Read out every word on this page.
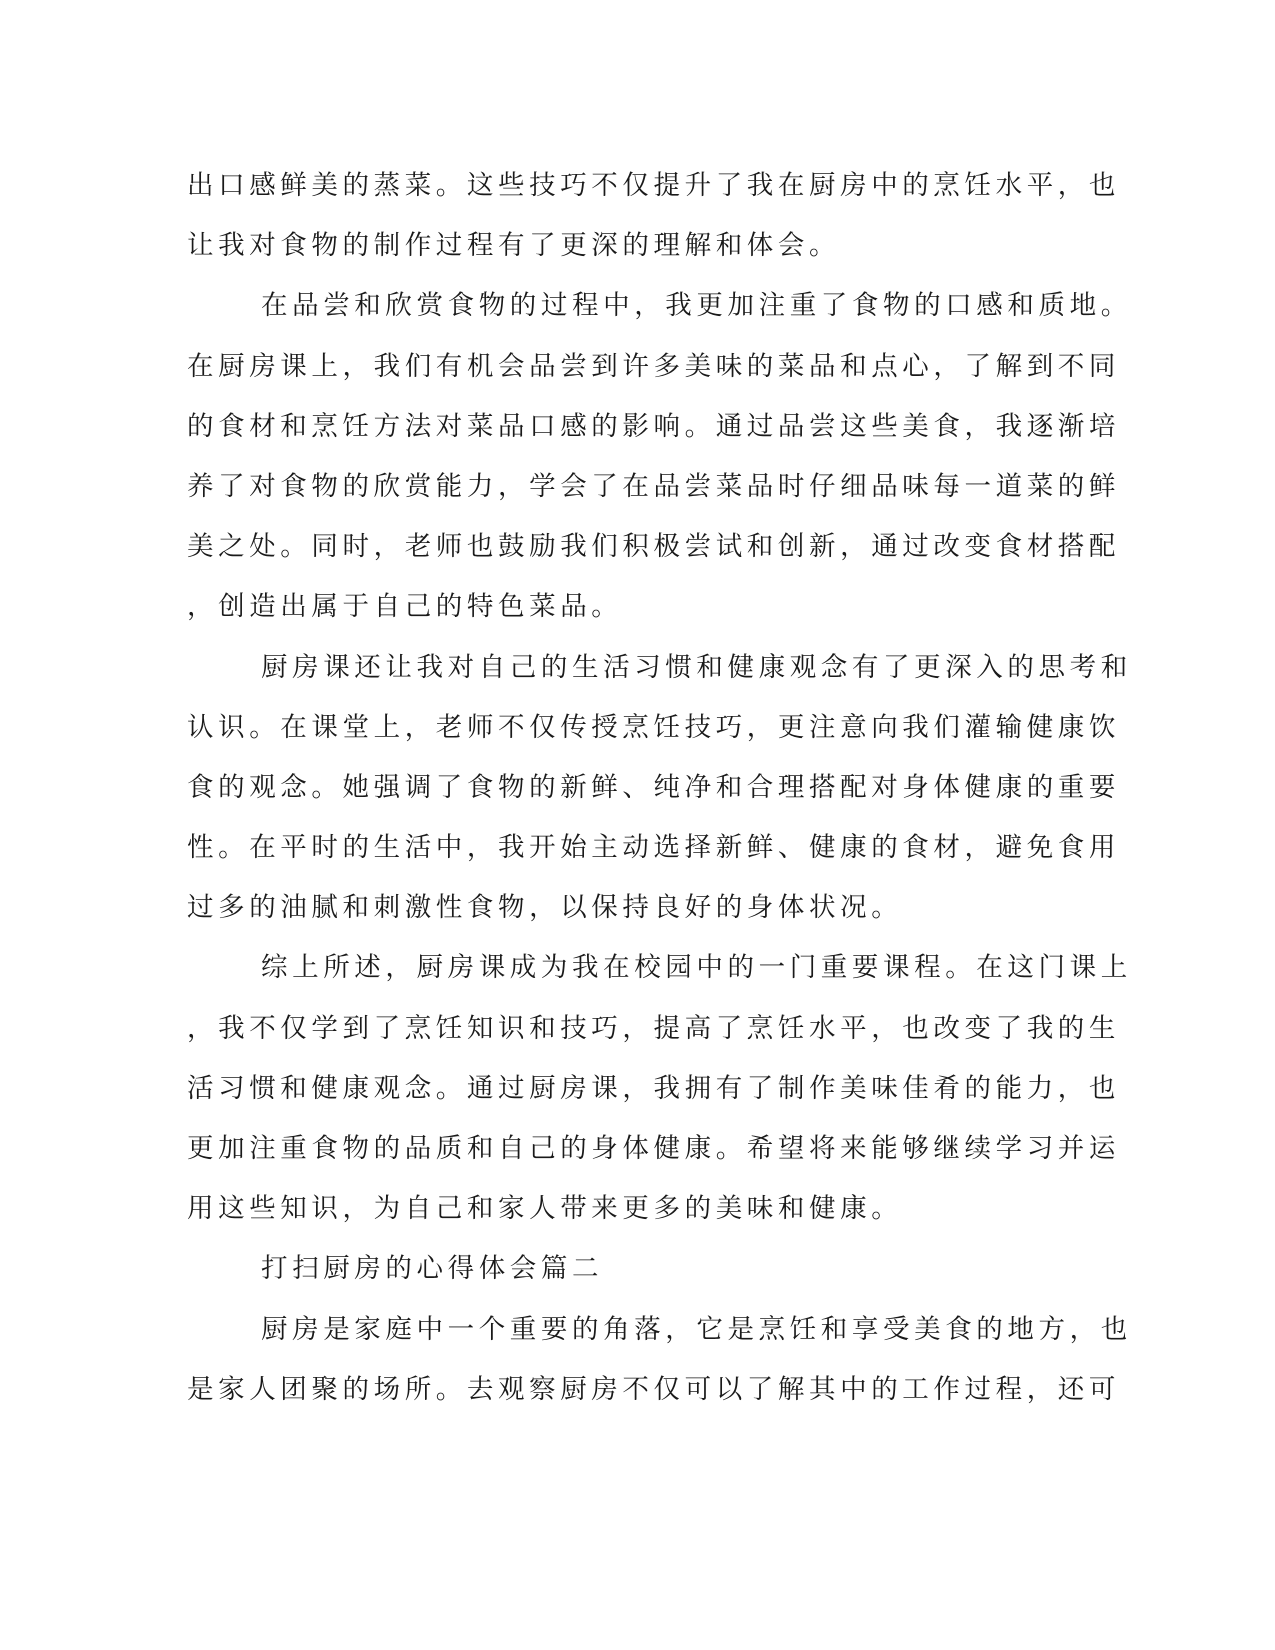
出口感鲜美的蒸菜。这些技巧不仅提升了我在厨房中的烹饪水平，也
让我对食物的制作过程有了更深的理解和体会。
在品尝和欣赏食物的过程中，我更加注重了食物的口感和质地。
在厨房课上，我们有机会品尝到许多美味的菜品和点心，了解到不同
的食材和烹饪方法对菜品口感的影响。通过品尝这些美食，我逐渐培
养了对食物的欣赏能力，学会了在品尝菜品时仔细品味每一道菜的鲜
美之处。同时，老师也鼓励我们积极尝试和创新，通过改变食材搭配
，创造出属于自己的特色菜品。
厨房课还让我对自己的生活习惯和健康观念有了更深入的思考和
认识。在课堂上，老师不仅传授烹饪技巧，更注意向我们灌输健康饮
食的观念。她强调了食物的新鲜、纯净和合理搭配对身体健康的重要
性。在平时的生活中，我开始主动选择新鲜、健康的食材，避免食用
过多的油腻和刺激性食物，以保持良好的身体状况。
综上所述，厨房课成为我在校园中的一门重要课程。在这门课上
，我不仅学到了烹饪知识和技巧，提高了烹饪水平，也改变了我的生
活习惯和健康观念。通过厨房课，我拥有了制作美味佳肴的能力，也
更加注重食物的品质和自己的身体健康。希望将来能够继续学习并运
用这些知识，为自己和家人带来更多的美味和健康。
打扫厨房的心得体会篇二
厨房是家庭中一个重要的角落，它是烹饪和享受美食的地方，也
是家人团聚的场所。去观察厨房不仅可以了解其中的工作过程，还可
